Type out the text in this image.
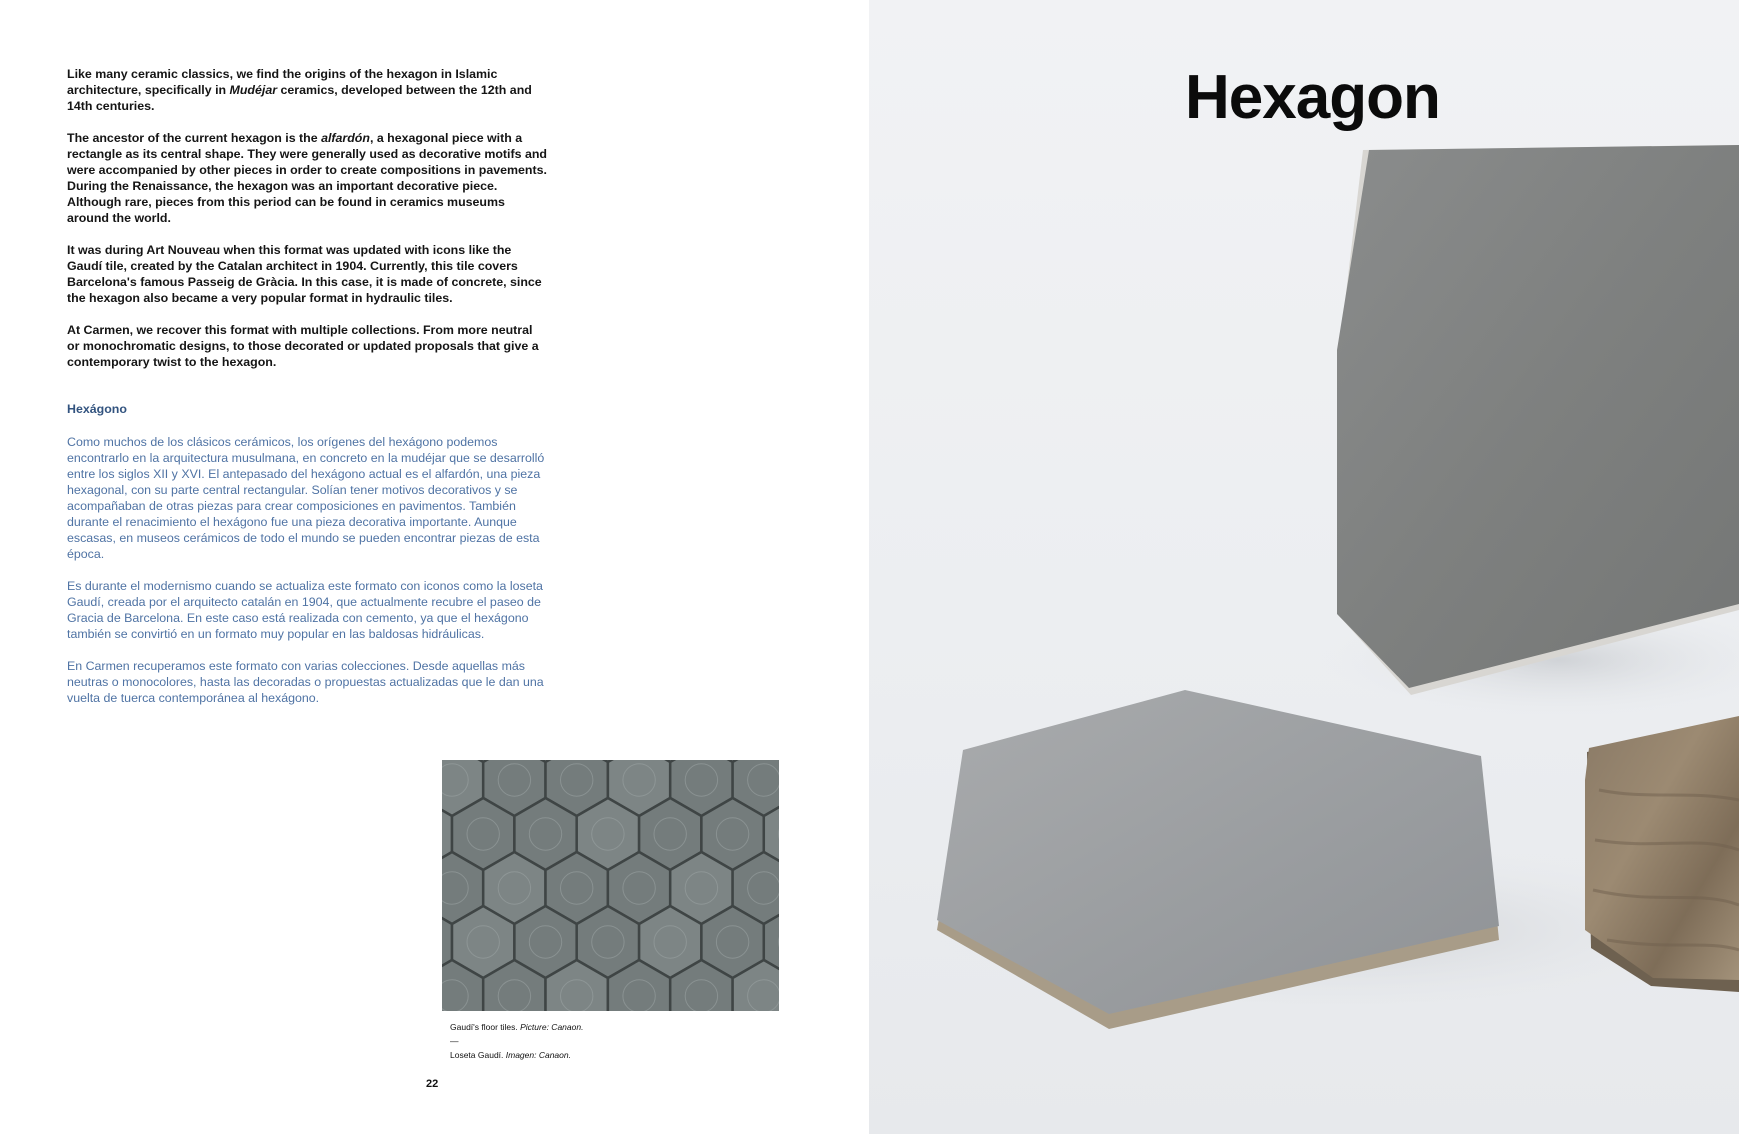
Like many ceramic classics, we find the origins of the hexagon in Islamic architecture, specifically in Mudéjar ceramics, developed between the 12th and 14th centuries.

The ancestor of the current hexagon is the alfardón, a hexagonal piece with a rectangle as its central shape. They were generally used as decorative motifs and were accompanied by other pieces in order to create compositions in pavements. During the Renaissance, the hexagon was an important decorative piece. Although rare, pieces from this period can be found in ceramics museums around the world.

It was during Art Nouveau when this format was updated with icons like the Gaudí tile, created by the Catalan architect in 1904. Currently, this tile covers Barcelona's famous Passeig de Gràcia. In this case, it is made of concrete, since the hexagon also became a very popular format in hydraulic tiles.

At Carmen, we recover this format with multiple collections. From more neutral or monochromatic designs, to those decorated or updated proposals that give a contemporary twist to the hexagon.

Hexágono

Como muchos de los clásicos cerámicos, los orígenes del hexágono podemos encontrarlo en la arquitectura musulmana, en concreto en la mudéjar que se desarrolló entre los siglos XII y XVI. El antepasado del hexágono actual es el alfardón, una pieza hexagonal, con su parte central rectangular. Solían tener motivos decorativos y se acompañaban de otras piezas para crear composiciones en pavimentos. También durante el renacimiento el hexágono fue una pieza decorativa importante. Aunque escasas, en museos cerámicos de todo el mundo se pueden encontrar piezas de esta época.

Es durante el modernismo cuando se actualiza este formato con iconos como la loseta Gaudí, creada por el arquitecto catalán en 1904, que actualmente recubre el paseo de Gracia de Barcelona. En este caso está realizada con cemento, ya que el hexágono también se convirtió en un formato muy popular en las baldosas hidráulicas.

En Carmen recuperamos este formato con varias colecciones. Desde aquellas más neutras o monocolores, hasta las decoradas o propuestas actualizadas que le dan una vuelta de tuerca contemporánea al hexágono.

Gaudí's floor tiles. Picture: Canaon.
—
Loseta Gaudí. Imagen: Canaon.
22
Hexagon
